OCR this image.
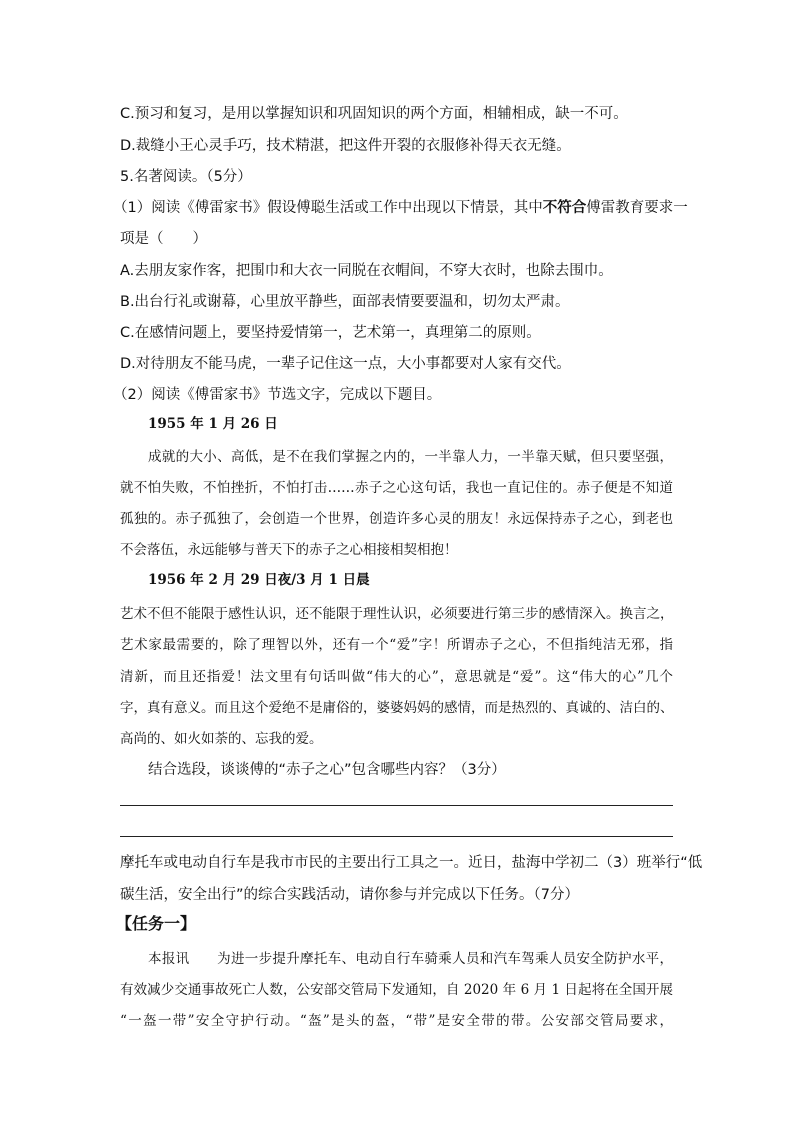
C.预习和复习，是用以掌握知识和巩固知识的两个方面，相辅相成，缺一不可。
D.裁缝小王心灵手巧，技术精湛，把这件开裂的衣服修补得天衣无缝。
5.名著阅读。（5分）
（1）阅读《傅雷家书》假设傅聪生活或工作中出现以下情景，其中不符合傅雷教育要求一
项是（　　）
A.去朋友家作客，把围巾和大衣一同脱在衣帽间，不穿大衣时，也除去围巾。
B.出台行礼或谢幕，心里放平静些，面部表情要要温和，切勿太严肃。
C.在感情问题上，要坚持爱情第一，艺术第一，真理第二的原则。
D.对待朋友不能马虎，一辈子记住这一点，大小事都要对人家有交代。
（2）阅读《傅雷家书》节选文字，完成以下题目。
1955 年 1 月 26 日
成就的大小、高低，是不在我们掌握之内的，一半靠人力，一半靠天赋，但只要坚强，
就不怕失败，不怕挫折，不怕打击……赤子之心这句话，我也一直记住的。赤子便是不知道
孤独的。赤子孤独了，会创造一个世界，创造许多心灵的朋友！永远保持赤子之心，到老也
不会落伍，永远能够与普天下的赤子之心相接相契相抱！
1956 年 2 月 29 日夜/3 月 1 日晨
艺术不但不能限于感性认识，还不能限于理性认识，必须要进行第三步的感情深入。换言之，
艺术家最需要的，除了理智以外，还有一个“爱”字！所谓赤子之心，不但指纯洁无邪，指
清新，而且还指爱！法文里有句话叫做“伟大的心”，意思就是“爱”。这“伟大的心”几个
字，真有意义。而且这个爱绝不是庸俗的，婆婆妈妈的感情，而是热烈的、真诚的、洁白的、
高尚的、如火如荼的、忘我的爱。
结合选段，谈谈傅的“赤子之心”包含哪些内容？（3分）
摩托车或电动自行车是我市市民的主要出行工具之一。近日，盐海中学初二（3）班举行“低
碳生活，安全出行”的综合实践活动，请你参与并完成以下任务。（7分）
【任务一】
本报讯　　为进一步提升摩托车、电动自行车骑乘人员和汽车驾乘人员安全防护水平，
有效减少交通事故死亡人数，公安部交管局下发通知，自 2020 年 6 月 1 日起将在全国开展
“一盔一带”安全守护行动。“盔”是头的盔，“带”是安全带的带。公安部交管局要求，
